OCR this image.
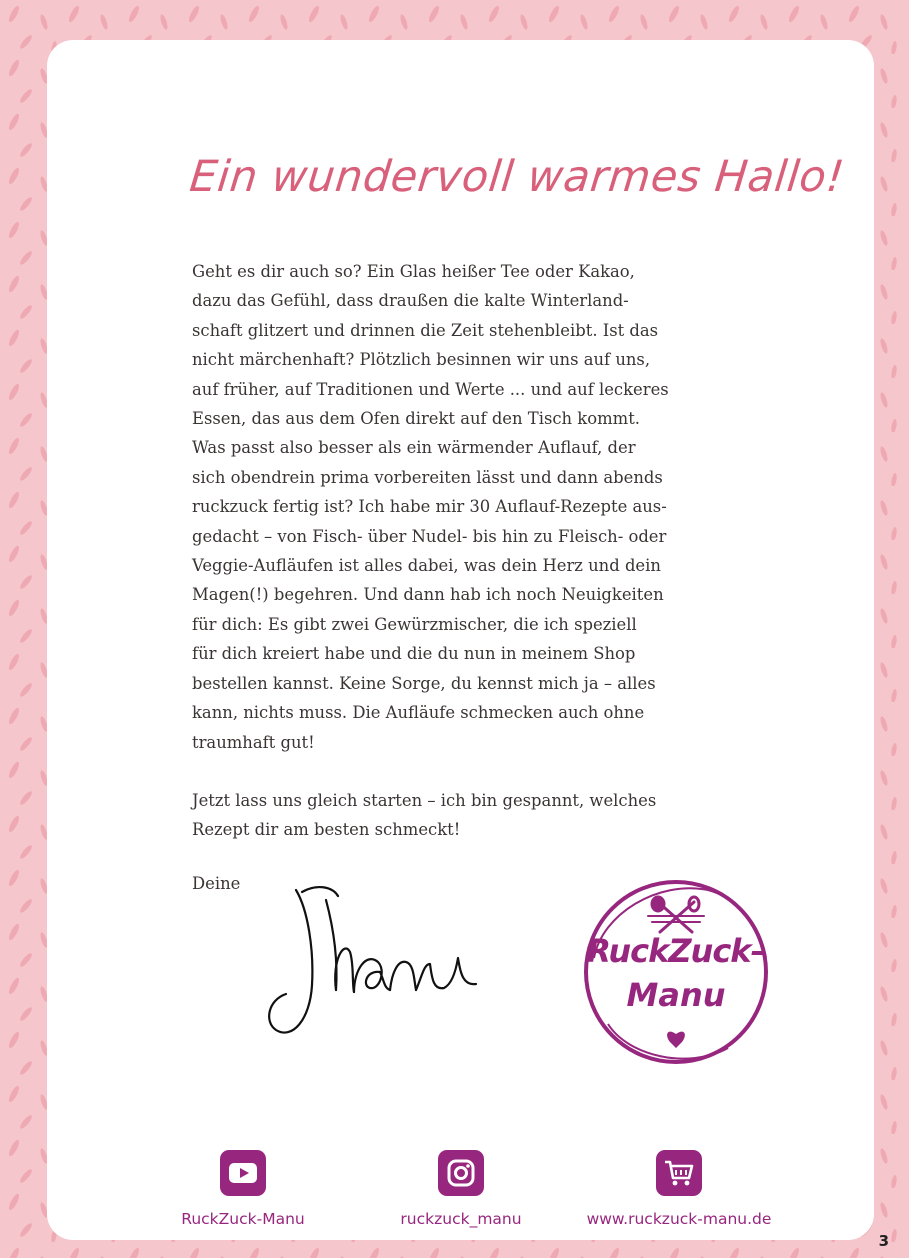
Ein wundervoll warmes Hallo!
Geht es dir auch so? Ein Glas heißer Tee oder Kakao,
dazu das Gefühl, dass draußen die kalte Winterland-
schaft glitzert und drinnen die Zeit stehenbleibt. Ist das
nicht märchenhaft? Plötzlich besinnen wir uns auf uns,
auf früher, auf Traditionen und Werte ... und auf leckeres
Essen, das aus dem Ofen direkt auf den Tisch kommt.
Was passt also besser als ein wärmender Auflauf, der
sich obendrein prima vorbereiten lässt und dann abends
ruckzuck fertig ist? Ich habe mir 30 Auflauf-Rezepte aus-
gedacht – von Fisch- über Nudel- bis hin zu Fleisch- oder
Veggie-Aufläufen ist alles dabei, was dein Herz und dein
Magen(!) begehren. Und dann hab ich noch Neuigkeiten
für dich: Es gibt zwei Gewürzmischer, die ich speziell
für dich kreiert habe und die du nun in meinem Shop
bestellen kannst. Keine Sorge, du kennst mich ja – alles
kann, nichts muss. Die Aufläufe schmecken auch ohne
traumhaft gut!
Jetzt lass uns gleich starten – ich bin gespannt, welches
Rezept dir am besten schmeckt!
Deine
RuckZuck–
Manu
RuckZuck-Manu	ruckzuck_manu	www.ruckzuck-manu.de
3
